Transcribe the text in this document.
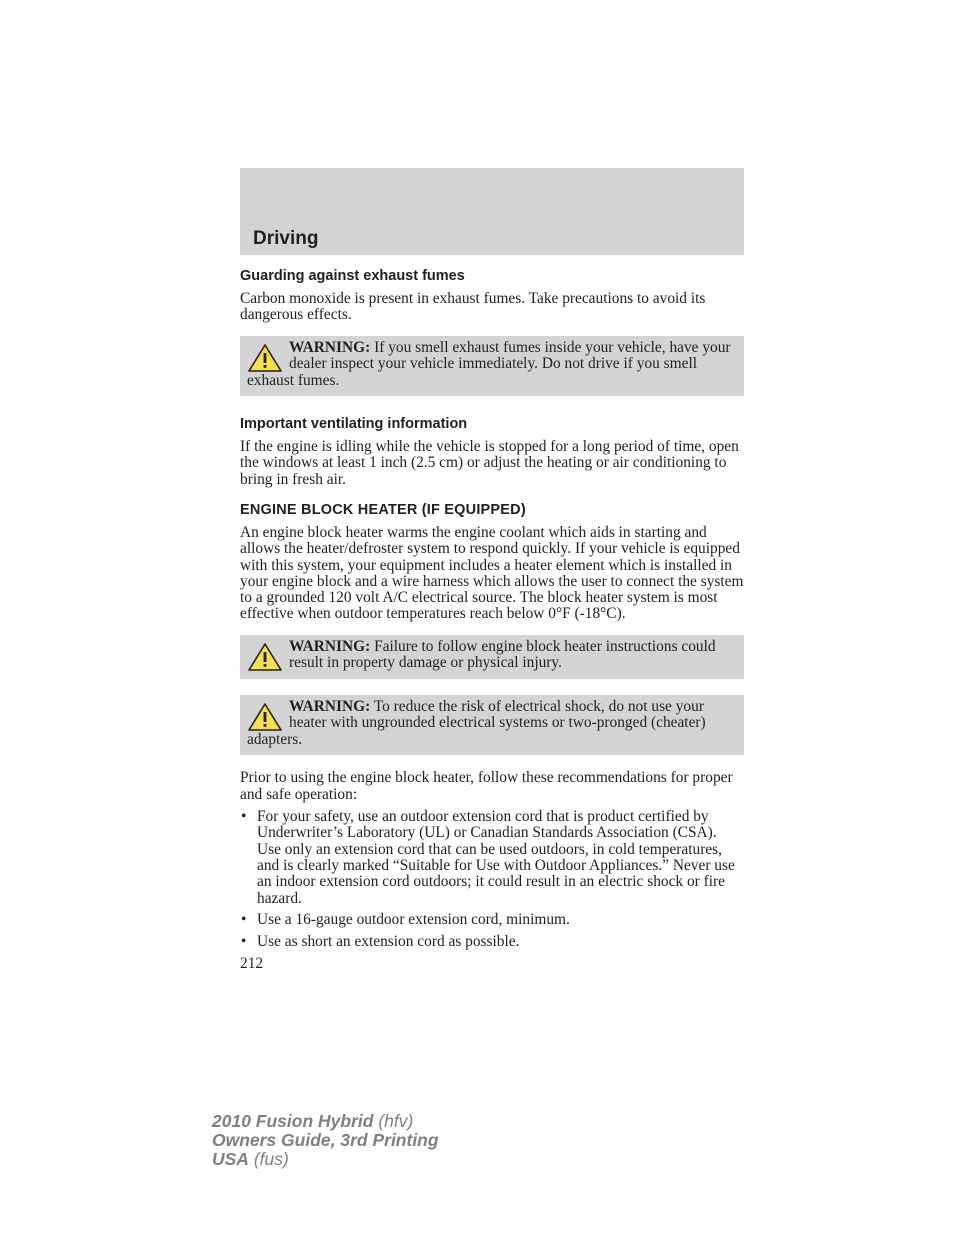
Driving
Guarding against exhaust fumes

Carbon monoxide is present in exhaust fumes. Take precautions to avoid its dangerous effects.

WARNING: If you smell exhaust fumes inside your vehicle, have your dealer inspect your vehicle immediately. Do not drive if you smell exhaust fumes.
Important ventilating information

If the engine is idling while the vehicle is stopped for a long period of time, open the windows at least 1 inch (2.5 cm) or adjust the heating or air conditioning to bring in fresh air.

ENGINE BLOCK HEATER (IF EQUIPPED)

An engine block heater warms the engine coolant which aids in starting and allows the heater/defroster system to respond quickly. If your vehicle is equipped with this system, your equipment includes a heater element which is installed in your engine block and a wire harness which allows the user to connect the system to a grounded 120 volt A/C electrical source. The block heater system is most effective when outdoor temperatures reach below 0°F (-18°C).

WARNING: Failure to follow engine block heater instructions could result in property damage or physical injury.
WARNING: To reduce the risk of electrical shock, do not use your heater with ungrounded electrical systems or two-pronged (cheater) adapters.

Prior to using the engine block heater, follow these recommendations for proper and safe operation:

• For your safety, use an outdoor extension cord that is product certified by Underwriter’s Laboratory (UL) or Canadian Standards Association (CSA). Use only an extension cord that can be used outdoors, in cold temperatures, and is clearly marked “Suitable for Use with Outdoor Appliances.” Never use an indoor extension cord outdoors; it could result in an electric shock or fire hazard.
• Use a 16-gauge outdoor extension cord, minimum.
• Use as short an extension cord as possible.
212
2010 Fusion Hybrid (hfv)
Owners Guide, 3rd Printing
USA (fus)
